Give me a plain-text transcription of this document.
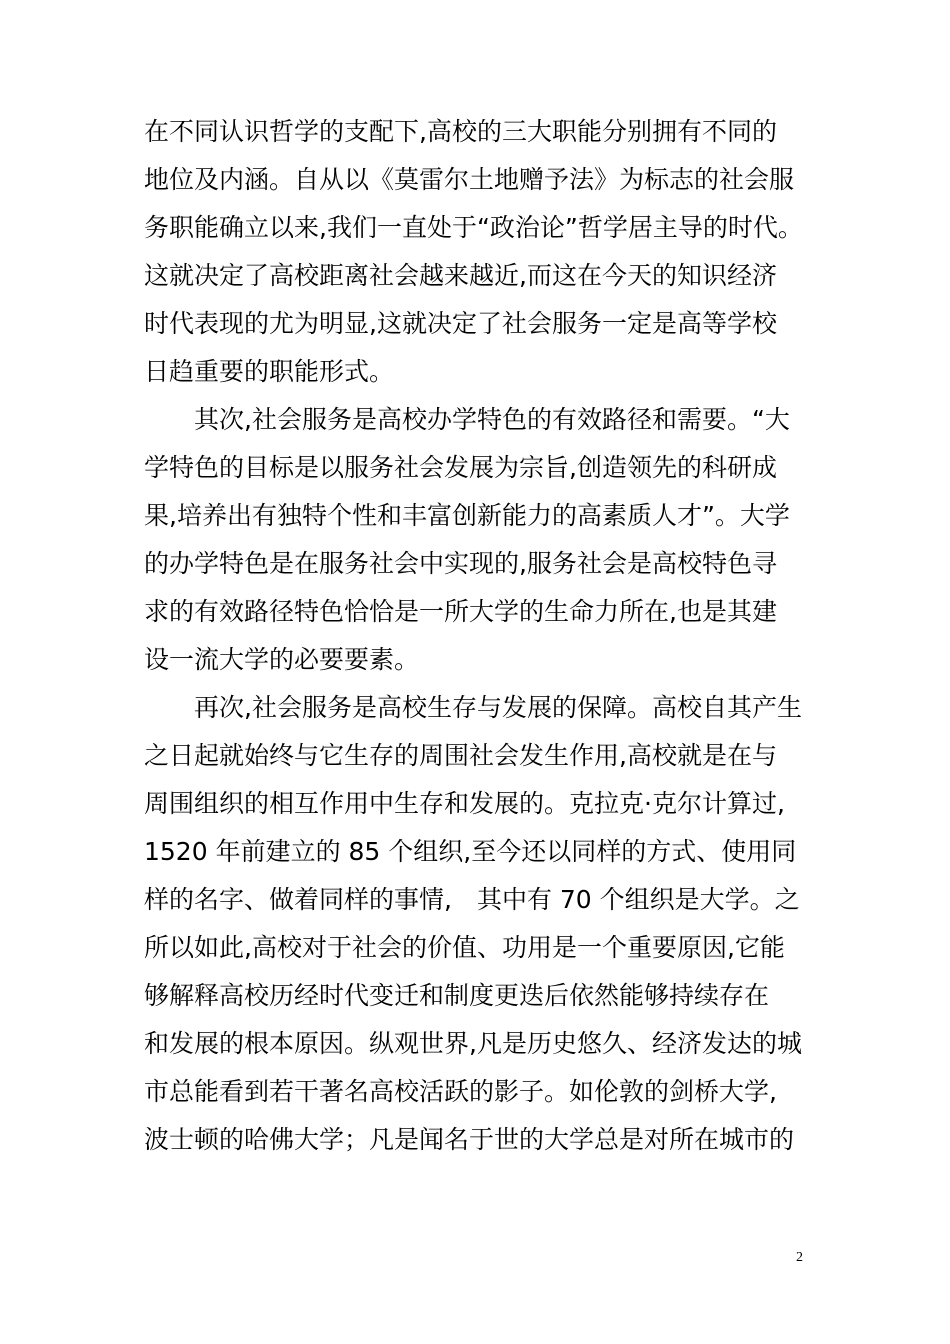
在不同认识哲学的支配下,高校的三大职能分别拥有不同的
地位及内涵。自从以《莫雷尔土地赠予法》为标志的社会服
务职能确立以来,我们一直处于“政治论”哲学居主导的时代。
这就决定了高校距离社会越来越近,而这在今天的知识经济
时代表现的尤为明显,这就决定了社会服务一定是高等学校
日趋重要的职能形式。
其次,社会服务是高校办学特色的有效路径和需要。“大
学特色的目标是以服务社会发展为宗旨,创造领先的科研成
果,培养出有独特个性和丰富创新能力的高素质人才”。大学
的办学特色是在服务社会中实现的,服务社会是高校特色寻
求的有效路径特色恰恰是一所大学的生命力所在,也是其建
设一流大学的必要要素。
再次,社会服务是高校生存与发展的保障。高校自其产生
之日起就始终与它生存的周围社会发生作用,高校就是在与
周围组织的相互作用中生存和发展的。克拉克·克尔计算过,
1520 年前建立的 85 个组织,至今还以同样的方式、使用同
样的名字、做着同样的事情,　其中有 70 个组织是大学。之
所以如此,高校对于社会的价值、功用是一个重要原因,它能
够解释高校历经时代变迁和制度更迭后依然能够持续存在
和发展的根本原因。纵观世界,凡是历史悠久、经济发达的城
市总能看到若干著名高校活跃的影子。如伦敦的剑桥大学,
波士顿的哈佛大学；凡是闻名于世的大学总是对所在城市的
2
